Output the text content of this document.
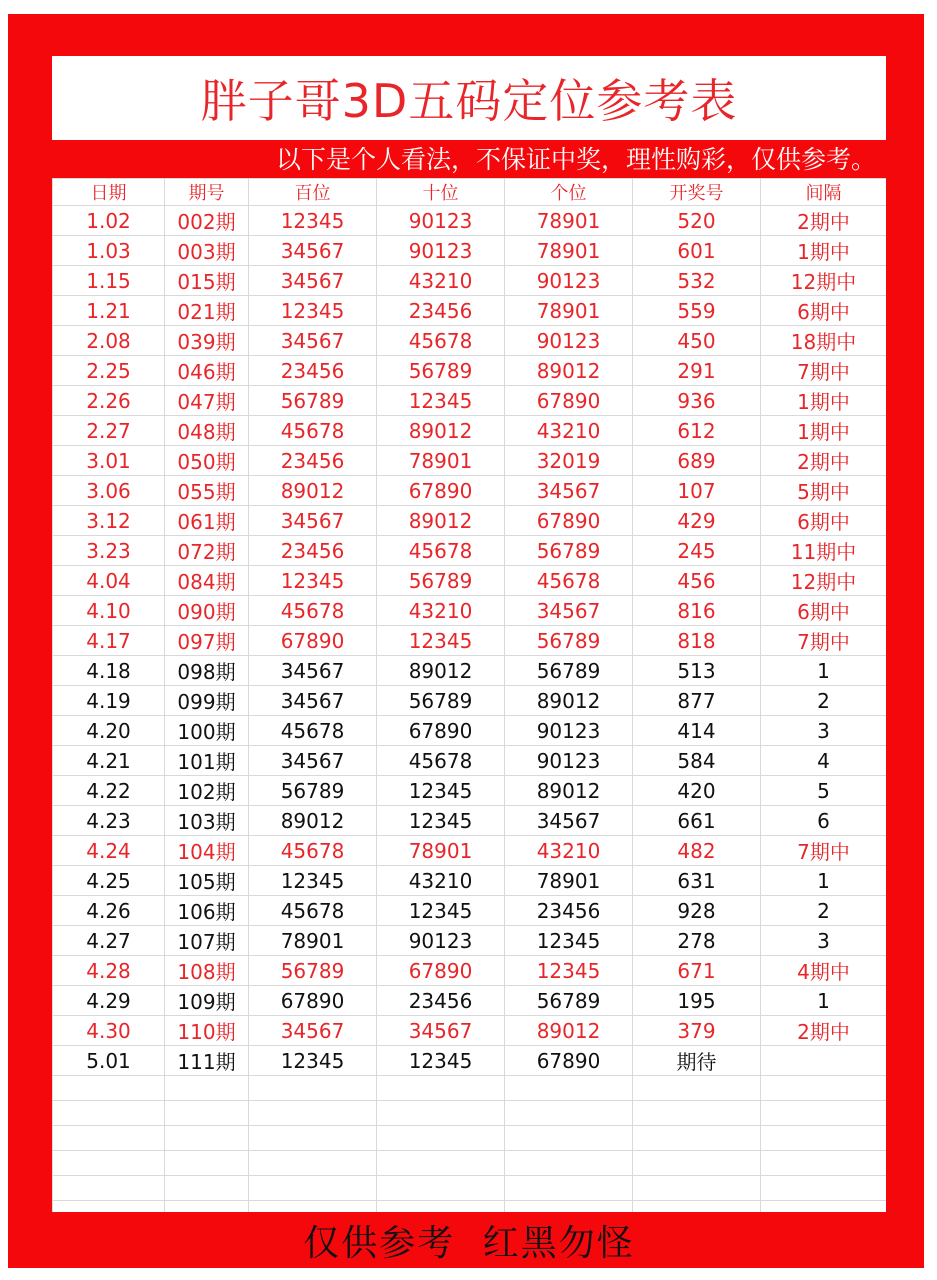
胖子哥3D五码定位参考表
以下是个人看法，不保证中奖，理性购彩，仅供参考。
日期	期号	百位	十位	个位	开奖号	间隔
1.02	002期	12345	90123	78901	520	2期中
1.03	003期	34567	90123	78901	601	1期中
1.15	015期	34567	43210	90123	532	12期中
1.21	021期	12345	23456	78901	559	6期中
2.08	039期	34567	45678	90123	450	18期中
2.25	046期	23456	56789	89012	291	7期中
2.26	047期	56789	12345	67890	936	1期中
2.27	048期	45678	89012	43210	612	1期中
3.01	050期	23456	78901	32019	689	2期中
3.06	055期	89012	67890	34567	107	5期中
3.12	061期	34567	89012	67890	429	6期中
3.23	072期	23456	45678	56789	245	11期中
4.04	084期	12345	56789	45678	456	12期中
4.10	090期	45678	43210	34567	816	6期中
4.17	097期	67890	12345	56789	818	7期中
4.18	098期	34567	89012	56789	513	1
4.19	099期	34567	56789	89012	877	2
4.20	100期	45678	67890	90123	414	3
4.21	101期	34567	45678	90123	584	4
4.22	102期	56789	12345	89012	420	5
4.23	103期	89012	12345	34567	661	6
4.24	104期	45678	78901	43210	482	7期中
4.25	105期	12345	43210	78901	631	1
4.26	106期	45678	12345	23456	928	2
4.27	107期	78901	90123	12345	278	3
4.28	108期	56789	67890	12345	671	4期中
4.29	109期	67890	23456	56789	195	1
4.30	110期	34567	34567	89012	379	2期中
5.01	111期	12345	12345	67890	期待	

仅供参考 红黑勿怪
